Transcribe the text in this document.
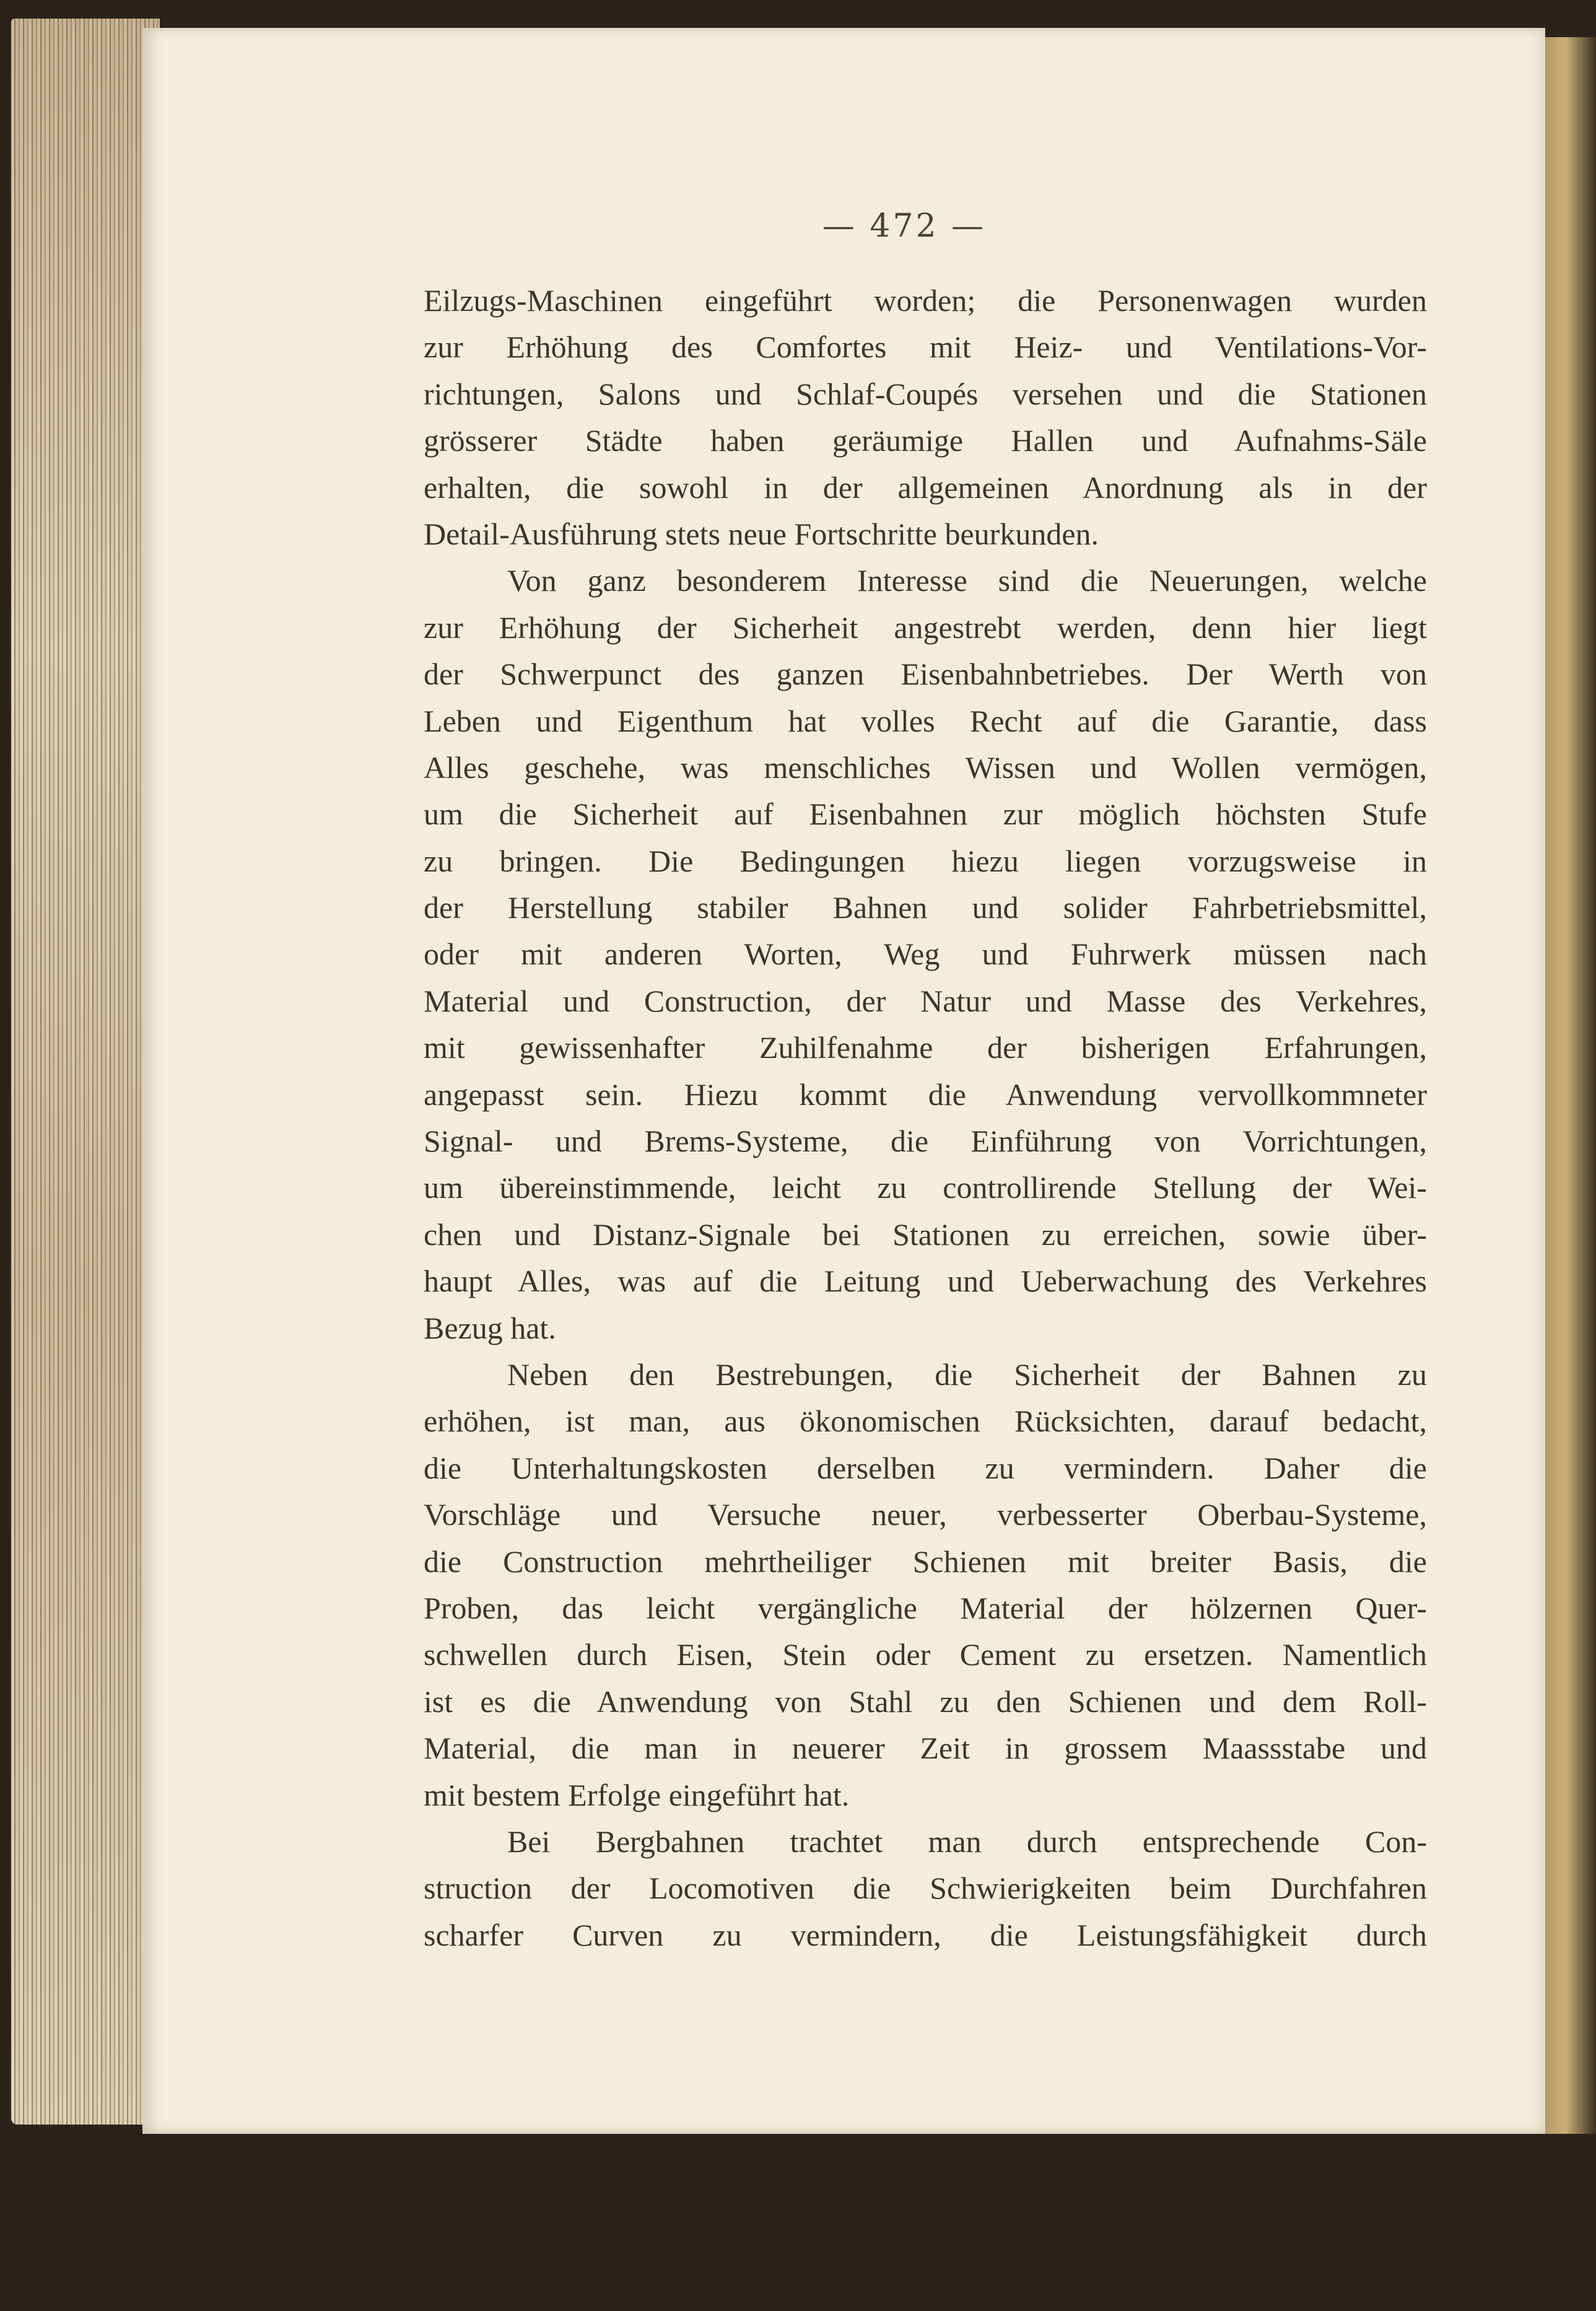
— 472 —
Eilzugs-Maschinen eingeführt worden; die Personenwagen wurden
zur Erhöhung des Comfortes mit Heiz- und Ventilations-Vor-
richtungen, Salons und Schlaf-Coupés versehen und die Stationen
grösserer Städte haben geräumige Hallen und Aufnahms-Säle
erhalten, die sowohl in der allgemeinen Anordnung als in der
Detail-Ausführung stets neue Fortschritte beurkunden.
Von ganz besonderem Interesse sind die Neuerungen, welche
zur Erhöhung der Sicherheit angestrebt werden, denn hier liegt
der Schwerpunct des ganzen Eisenbahnbetriebes. Der Werth von
Leben und Eigenthum hat volles Recht auf die Garantie, dass
Alles geschehe, was menschliches Wissen und Wollen vermögen,
um die Sicherheit auf Eisenbahnen zur möglich höchsten Stufe
zu bringen. Die Bedingungen hiezu liegen vorzugsweise in
der Herstellung stabiler Bahnen und solider Fahrbetriebsmittel,
oder mit anderen Worten, Weg und Fuhrwerk müssen nach
Material und Construction, der Natur und Masse des Verkehres,
mit gewissenhafter Zuhilfenahme der bisherigen Erfahrungen,
angepasst sein. Hiezu kommt die Anwendung vervollkommneter
Signal- und Brems-Systeme, die Einführung von Vorrichtungen,
um übereinstimmende, leicht zu controllirende Stellung der Wei-
chen und Distanz-Signale bei Stationen zu erreichen, sowie über-
haupt Alles, was auf die Leitung und Ueberwachung des Verkehres
Bezug hat.
Neben den Bestrebungen, die Sicherheit der Bahnen zu
erhöhen, ist man, aus ökonomischen Rücksichten, darauf bedacht,
die Unterhaltungskosten derselben zu vermindern. Daher die
Vorschläge und Versuche neuer, verbesserter Oberbau-Systeme,
die Construction mehrtheiliger Schienen mit breiter Basis, die
Proben, das leicht vergängliche Material der hölzernen Quer-
schwellen durch Eisen, Stein oder Cement zu ersetzen. Namentlich
ist es die Anwendung von Stahl zu den Schienen und dem Roll-
Material, die man in neuerer Zeit in grossem Maassstabe und
mit bestem Erfolge eingeführt hat.
Bei Bergbahnen trachtet man durch entsprechende Con-
struction der Locomotiven die Schwierigkeiten beim Durchfahren
scharfer Curven zu vermindern, die Leistungsfähigkeit durch
